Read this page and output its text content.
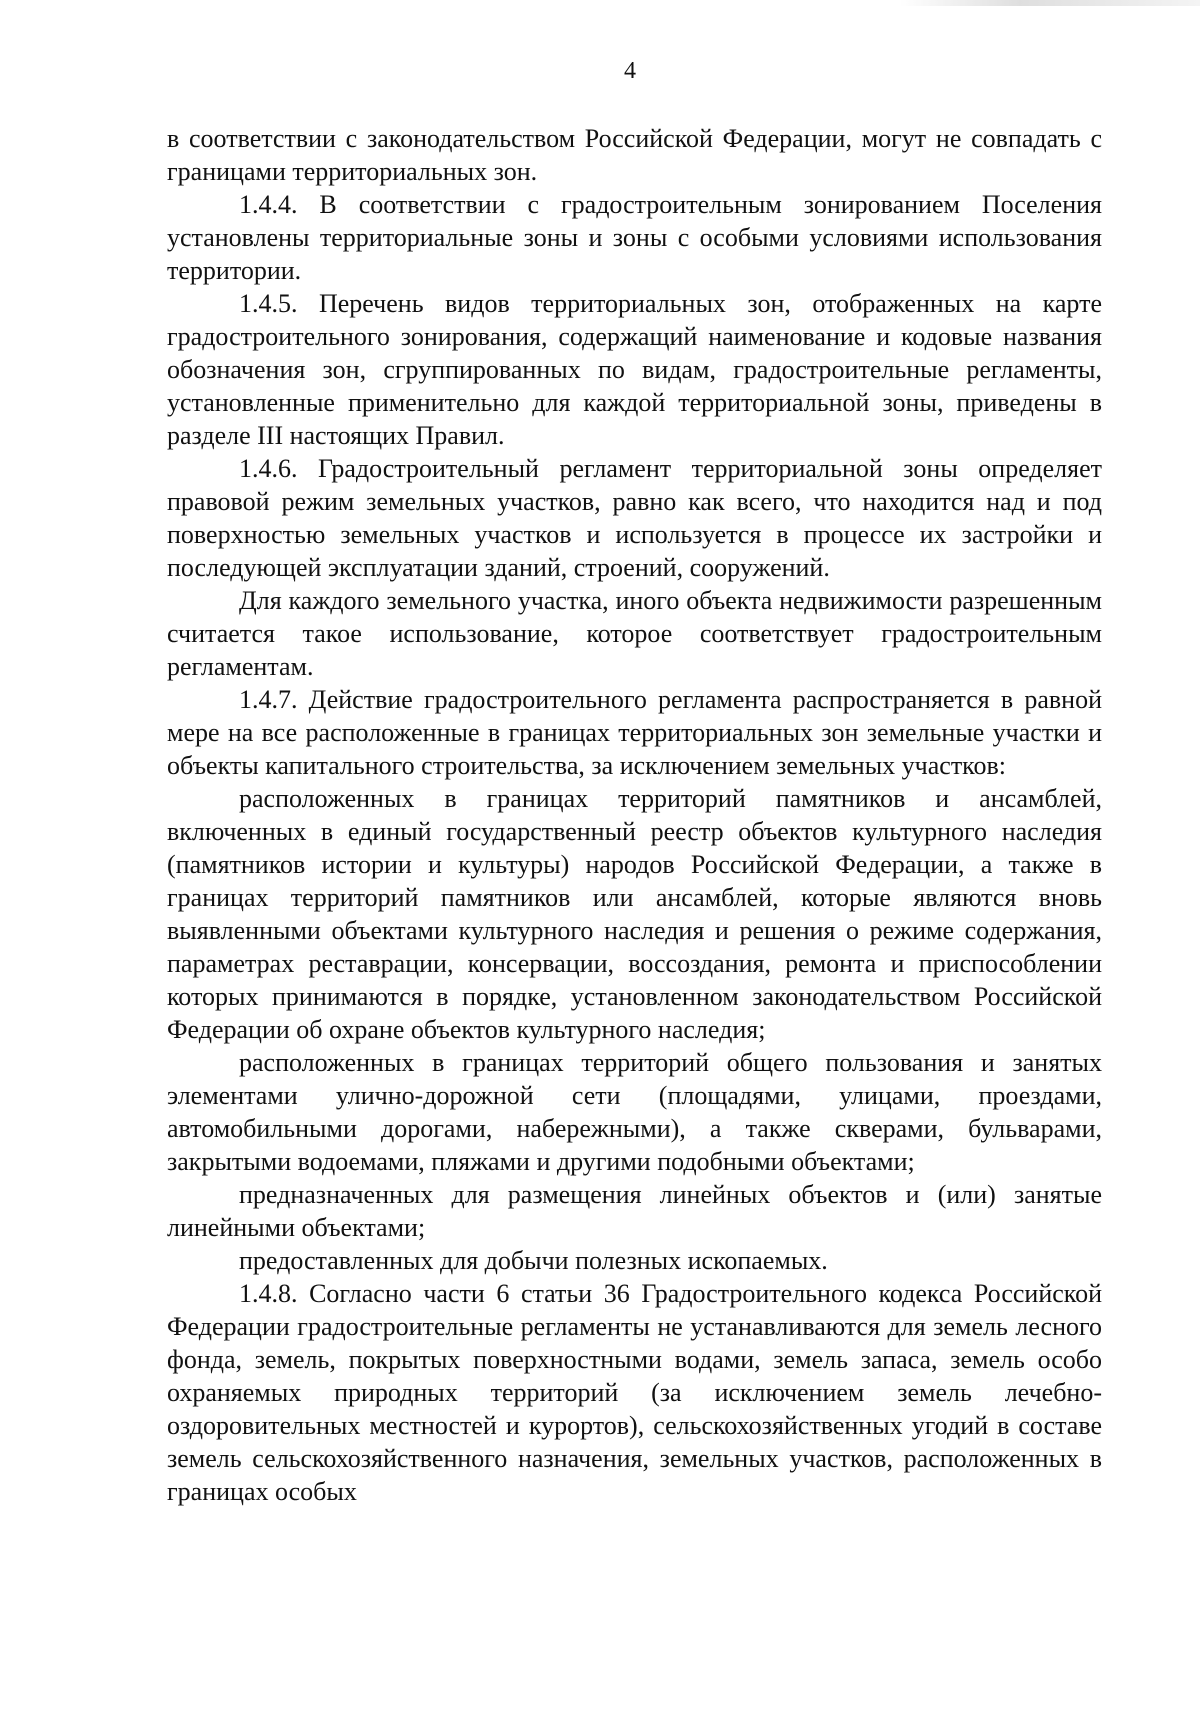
4

в соответствии с законодательством Российской Федерации, могут не совпадать с границами территориальных зон.

1.4.4. В соответствии с градостроительным зонированием Поселения установлены территориальные зоны и зоны с особыми условиями использования территории.

1.4.5. Перечень видов территориальных зон, отображенных на карте градостроительного зонирования, содержащий наименование и кодовые названия обозначения зон, сгруппированных по видам, градостроительные регламенты, установленные применительно для каждой территориальной зоны, приведены в разделе III настоящих Правил.

1.4.6. Градостроительный регламент территориальной зоны определяет правовой режим земельных участков, равно как всего, что находится над и под поверхностью земельных участков и используется в процессе их застройки и последующей эксплуатации зданий, строений, сооружений.

Для каждого земельного участка, иного объекта недвижимости разрешенным считается такое использование, которое соответствует градостроительным регламентам.

1.4.7. Действие градостроительного регламента распространяется в равной мере на все расположенные в границах территориальных зон земельные участки и объекты капитального строительства, за исключением земельных участков:

расположенных в границах территорий памятников и ансамблей, включенных в единый государственный реестр объектов культурного наследия (памятников истории и культуры) народов Российской Федерации, а также в границах территорий памятников или ансамблей, которые являются вновь выявленными объектами культурного наследия и решения о режиме содержания, параметрах реставрации, консервации, воссоздания, ремонта и приспособлении которых принимаются в порядке, установленном законодательством Российской Федерации об охране объектов культурного наследия;

расположенных в границах территорий общего пользования и занятых элементами улично-дорожной сети (площадями, улицами, проездами, автомобильными дорогами, набережными), а также скверами, бульварами, закрытыми водоемами, пляжами и другими подобными объектами;

предназначенных для размещения линейных объектов и (или) занятые линейными объектами;

предоставленных для добычи полезных ископаемых.

1.4.8. Согласно части 6 статьи 36 Градостроительного кодекса Российской Федерации градостроительные регламенты не устанавливаются для земель лесного фонда, земель, покрытых поверхностными водами, земель запаса, земель особо охраняемых природных территорий (за исключением земель лечебно-оздоровительных местностей и курортов), сельскохозяйственных угодий в составе земель сельскохозяйственного назначения, земельных участков, расположенных в границах особых
